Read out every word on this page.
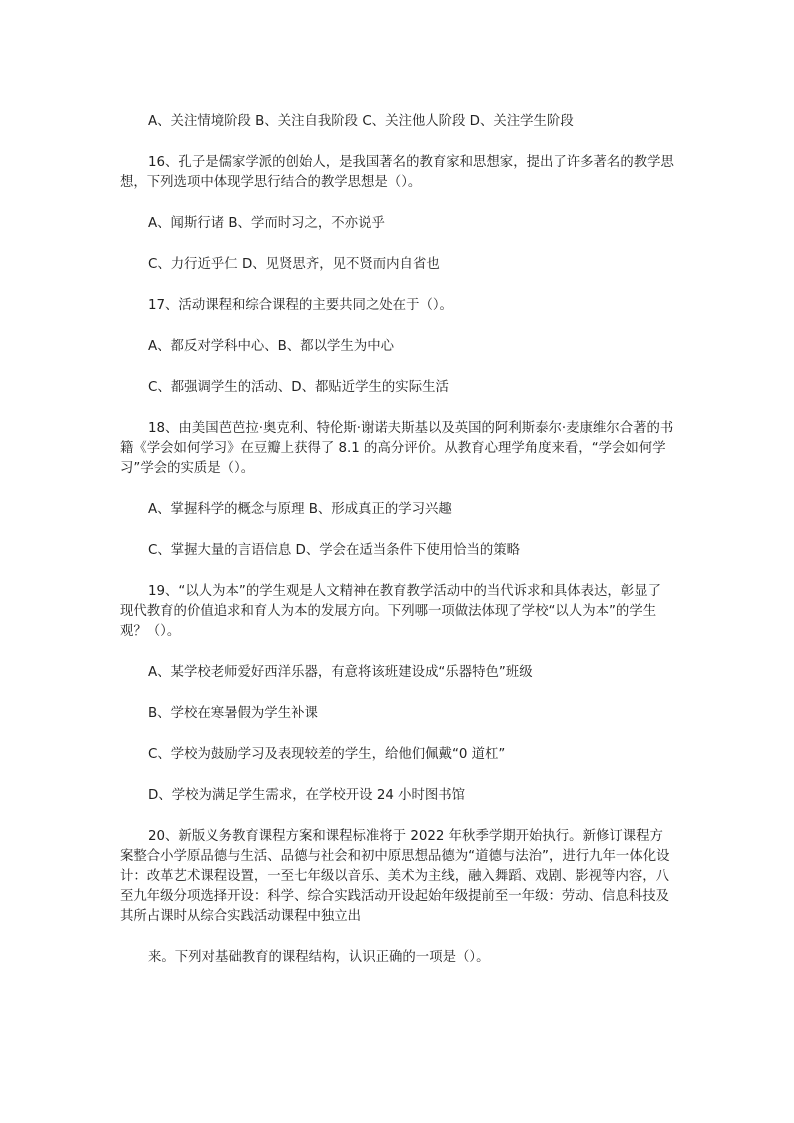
A、关注情境阶段 B、关注自我阶段 C、关注他人阶段 D、关注学生阶段

16、孔子是儒家学派的创始人，是我国著名的教育家和思想家，提出了许多著名的教学思想，下列选项中体现学思行结合的教学思想是（）。

A、闻斯行诸 B、学而时习之，不亦说乎

C、力行近乎仁 D、见贤思齐，见不贤而内自省也

17、活动课程和综合课程的主要共同之处在于（）。

A、都反对学科中心、B、都以学生为中心

C、都强调学生的活动、D、都贴近学生的实际生活

18、由美国芭芭拉·奥克利、特伦斯·谢诺夫斯基以及英国的阿利斯泰尔·麦康维尔合著的书籍《学会如何学习》在豆瓣上获得了 8.1 的高分评价。从教育心理学角度来看，“学会如何学习”学会的实质是（）。

A、掌握科学的概念与原理 B、形成真正的学习兴趣

C、掌握大量的言语信息 D、学会在适当条件下使用恰当的策略

19、“以人为本”的学生观是人文精神在教育教学活动中的当代诉求和具体表达，彰显了现代教育的价值追求和育人为本的发展方向。下列哪一项做法体现了学校“以人为本”的学生观？（）。

A、某学校老师爱好西洋乐器，有意将该班建设成“乐器特色”班级

B、学校在寒暑假为学生补课

C、学校为鼓励学习及表现较差的学生，给他们佩戴“0 道杠”

D、学校为满足学生需求，在学校开设 24 小时图书馆

20、新版义务教育课程方案和课程标准将于 2022 年秋季学期开始执行。新修订课程方案整合小学原品德与生活、品德与社会和初中原思想品德为“道德与法治”，进行九年一体化设计：改革艺术课程设置，一至七年级以音乐、美术为主线，融入舞蹈、戏剧、影视等内容，八至九年级分项选择开设：科学、综合实践活动开设起始年级提前至一年级：劳动、信息科技及其所占课时从综合实践活动课程中独立出

来。下列对基础教育的课程结构，认识正确的一项是（）。
